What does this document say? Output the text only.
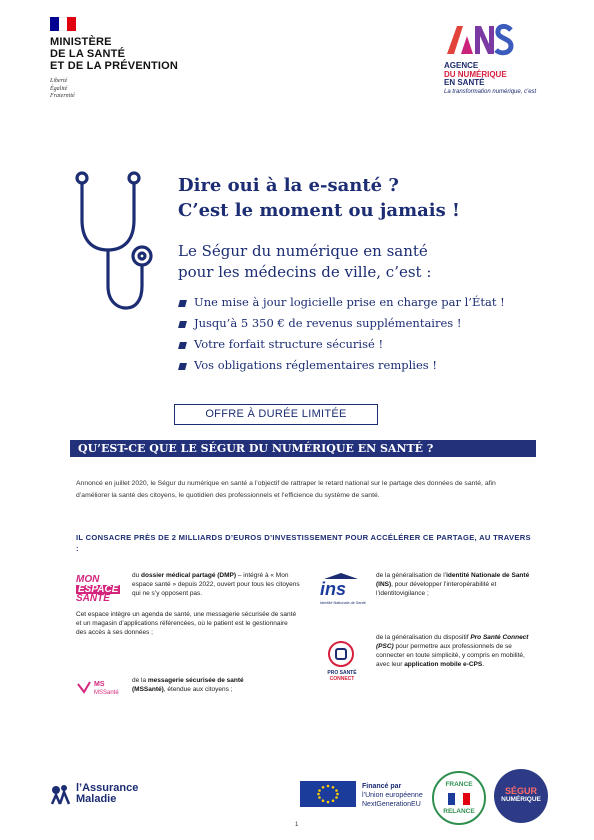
MINISTÈRE
DE LA SANTÉ
ET DE LA PRÉVENTION
Liberté
Égalité
Fraternité
AGENCE
DU NUMÉRIQUE
EN SANTÉ
La transformation numérique, c'est
Dire oui à la e-santé ?
C’est le moment ou jamais !
Le Ségur du numérique en santé
pour les médecins de ville, c’est :
Une mise à jour logicielle prise en charge par l’État !
Jusqu’à 5 350 € de revenus supplémentaires !
Votre forfait structure sécurisé !
Vos obligations réglementaires remplies !
OFFRE À DURÉE LIMITÉE
QU’EST-CE QUE LE SÉGUR DU NUMÉRIQUE EN SANTÉ ?
Annoncé en juillet 2020, le Ségur du numérique en santé a l’objectif de rattraper le retard national sur le partage des données de santé, afin d’améliorer la santé des citoyens, le quotidien des professionnels et l’efficience du système de santé.
IL CONSACRE PRÈS DE 2 MILLIARDS D’EUROS D’INVESTISSEMENT POUR ACCÉLÉRER CE PARTAGE, AU TRAVERS :
MON
ESPACE
SANTÉ
du dossier médical partagé (DMP) – intégré à « Mon espace santé » depuis 2022, ouvert pour tous les citoyens qui ne s’y opposent pas.
Cet espace intègre un agenda de santé, une messagerie sécurisée de santé et un magasin d’applications référencées, où le patient est le gestionnaire des accès à ses données ;
MS
MSSanté
de la messagerie sécurisée de santé (MSSanté), étendue aux citoyens ;
ins
Identité Nationale de Santé
de la généralisation de l’identité Nationale de Santé (INS), pour développer l’interopérabilité et l’identitovigilance ;
PRO SANTÉ
CONNECT
de la généralisation du dispositif Pro Santé Connect (PSC) pour permettre aux professionnels de se connecter en toute simplicité, y compris en mobilité, avec leur application mobile e-CPS.
l’Assurance
Maladie
Financé par
l’Union européenne
NextGenerationEU
FRANCE
RELANCE
SÉGUR
NUMÉRIQUE
1
